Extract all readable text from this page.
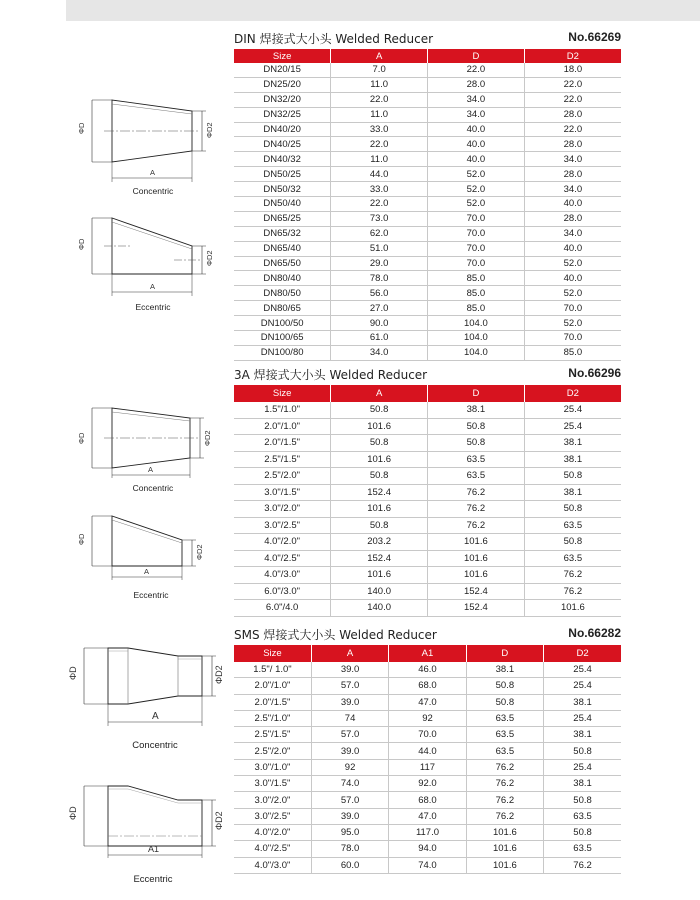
DIN 焊接式大小头 Welded Reducer	No.66269
Size	A	D	D2
DN20/15	7.0	22.0	18.0
DN25/20	11.0	28.0	22.0
DN32/20	22.0	34.0	22.0
DN32/25	11.0	34.0	28.0
DN40/20	33.0	40.0	22.0
DN40/25	22.0	40.0	28.0
DN40/32	11.0	40.0	34.0
DN50/25	44.0	52.0	28.0
DN50/32	33.0	52.0	34.0
DN50/40	22.0	52.0	40.0
DN65/25	73.0	70.0	28.0
DN65/32	62.0	70.0	34.0
DN65/40	51.0	70.0	40.0
DN65/50	29.0	70.0	52.0
DN80/40	78.0	85.0	40.0
DN80/50	56.0	85.0	52.0
DN80/65	27.0	85.0	70.0
DN100/50	90.0	104.0	52.0
DN100/65	61.0	104.0	70.0
DN100/80	34.0	104.0	85.0
ΦD	ΦD2
A
Concentric
ΦD
ΦD2
A
Eccentric
3A 焊接式大小头 Welded Reducer	No.66296
Size	A	D	D2
1.5"/1.0"	50.8	38.1	25.4
2.0"/1.0"	101.6	50.8	25.4
2.0"/1.5"	50.8	50.8	38.1
2.5"/1.5"	101.6	63.5	38.1
2.5"/2.0"	50.8	63.5	50.8
3.0"/1.5"	152.4	76.2	38.1
3.0"/2.0"	101.6	76.2	50.8
3.0"/2.5"	50.8	76.2	63.5
4.0"/2.0"	203.2	101.6	50.8
4.0"/2.5"	152.4	101.6	63.5
4.0"/3.0"	101.6	101.6	76.2
6.0"/3.0"	140.0	152.4	76.2
6.0"/4.0	140.0	152.4	101.6
ΦD	ΦD2
A
Concentric
ΦD
ΦD2
A
Eccentric
SMS 焊接式大小头 Welded Reducer	No.66282
Size	A	A1	D	D2
1.5"/ 1.0"	39.0	46.0	38.1	25.4
2.0"/1.0"	57.0	68.0	50.8	25.4
2.0"/1.5"	39.0	47.0	50.8	38.1
2.5"/1.0"	74	92	63.5	25.4
2.5"/1.5"	57.0	70.0	63.5	38.1
2.5"/2.0"	39.0	44.0	63.5	50.8
3.0"/1.0"	92	117	76.2	25.4
3.0"/1.5"	74.0	92.0	76.2	38.1
3.0"/2.0"	57.0	68.0	76.2	50.8
3.0"/2.5"	39.0	47.0	76.2	63.5
4.0"/2.0"	95.0	117.0	101.6	50.8
4.0"/2.5"	78.0	94.0	101.6	63.5
4.0"/3.0"	60.0	74.0	101.6	76.2
ΦD	ΦD2
A
Concentric
ΦD	ΦD2
A1
Eccentric
